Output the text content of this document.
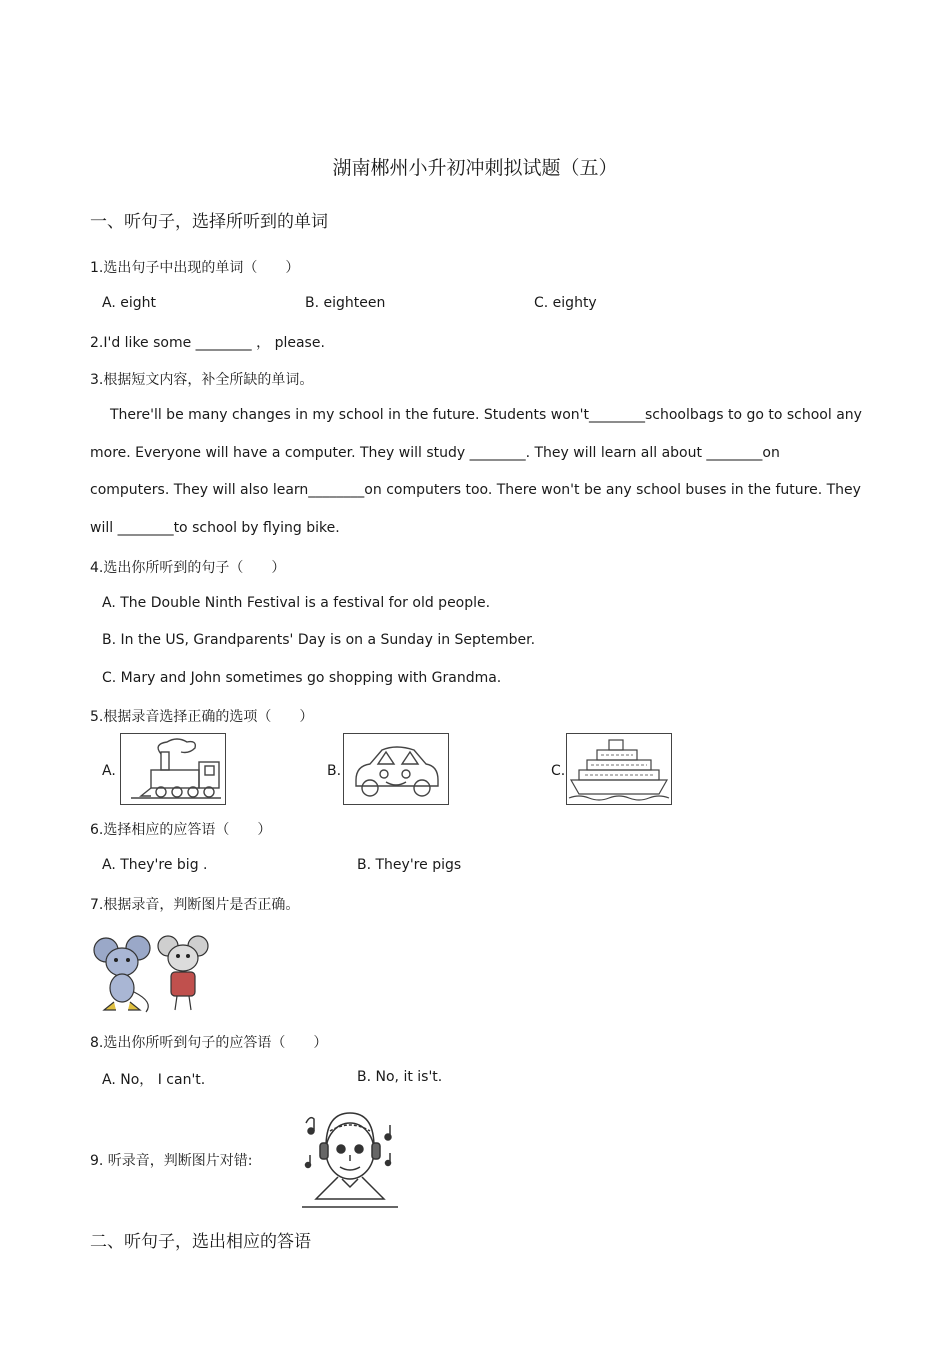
湖南郴州小升初冲刺拟试题（五）
一、听句子，选择所听到的单词
1.选出句子中出现的单词（　　）
A. eight	B. eighteen	C. eighty
2.I'd like some ________ ， please.
3.根据短文内容，补全所缺的单词。
There'll be many changes in my school in the future. Students won't________schoolbags to go to school any
more. Everyone will have a computer. They will study ________. They will learn all about ________on
computers. They will also learn________on computers too. There won't be any school buses in the future. They
will ________to school by flying bike.
4.选出你所听到的句子（　　）
A. The Double Ninth Festival is a festival for old people.
B. In the US, Grandparents' Day is on a Sunday in September.
C. Mary and John sometimes go shopping with Grandma.
5.根据录音选择正确的选项（　　）
A.	B.	C.
6.选择相应的应答语（　　）
A. They're big .	B. They're pigs
7.根据录音，判断图片是否正确。
8.选出你所听到句子的应答语（　　）
A. No， I can't.	B. No, it is't.
9. 听录音，判断图片对错:
二、听句子，选出相应的答语
